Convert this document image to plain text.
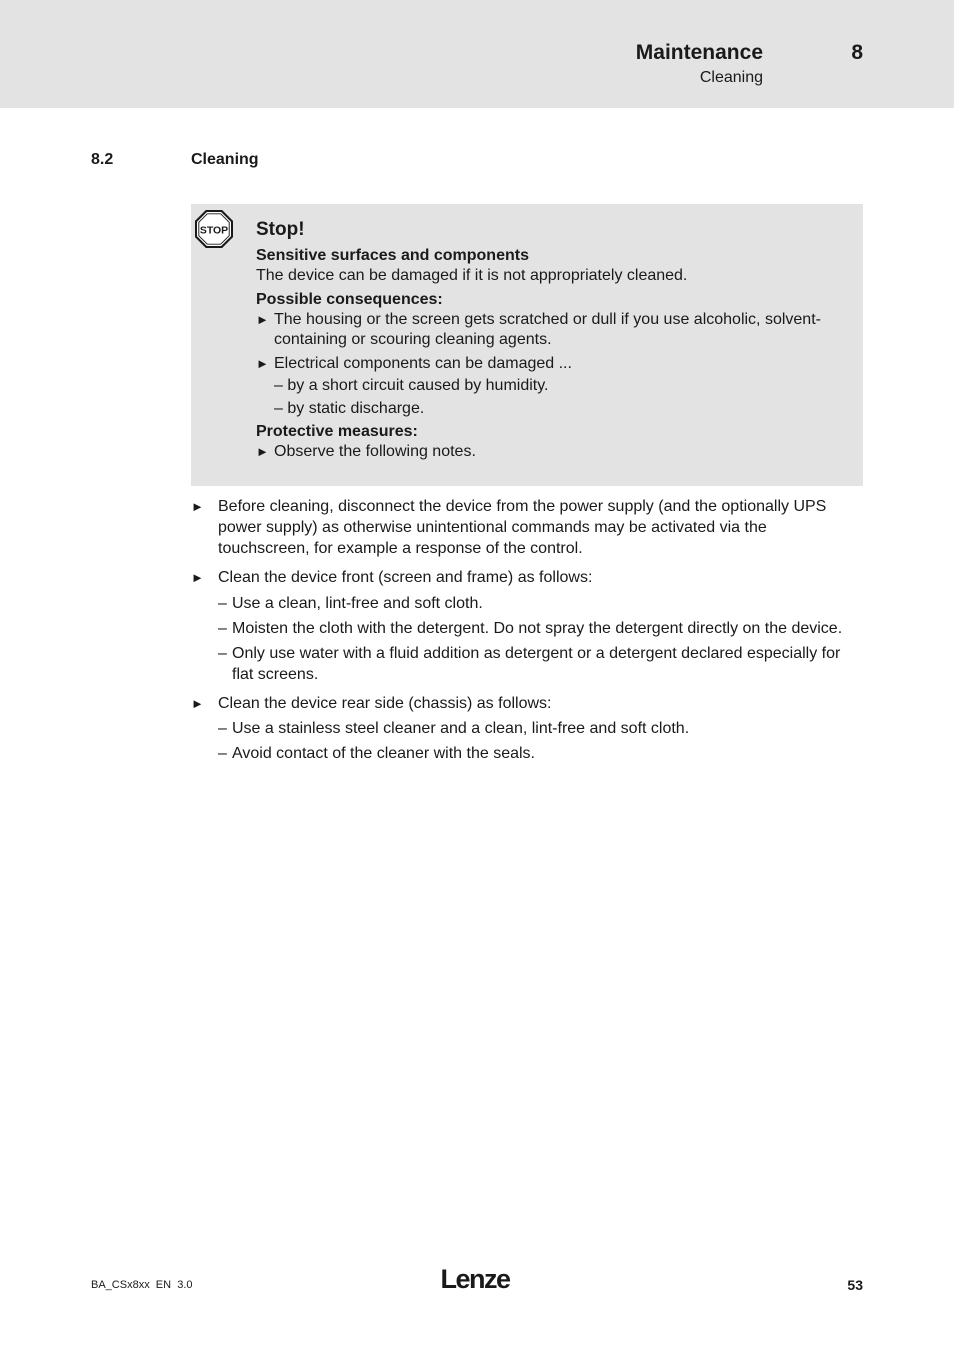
Maintenance
Cleaning
8
8.2	Cleaning
STOP Stop!
Sensitive surfaces and components
The device can be damaged if it is not appropriately cleaned.
Possible consequences:
► The housing or the screen gets scratched or dull if you use alcoholic, solvent-containing or scouring cleaning agents.
► Electrical components can be damaged ...
– by a short circuit caused by humidity.
– by static discharge.
Protective measures:
► Observe the following notes.
► Before cleaning, disconnect the device from the power supply (and the optionally UPS power supply) as otherwise unintentional commands may be activated via the touchscreen, for example a response of the control.
► Clean the device front (screen and frame) as follows:
– Use a clean, lint-free and soft cloth.
– Moisten the cloth with the detergent. Do not spray the detergent directly on the device.
– Only use water with a fluid addition as detergent or a detergent declared especially for flat screens.
► Clean the device rear side (chassis) as follows:
– Use a stainless steel cleaner and a clean, lint-free and soft cloth.
– Avoid contact of the cleaner with the seals.
BA_CSx8xx  EN  3.0	Lenze	53
